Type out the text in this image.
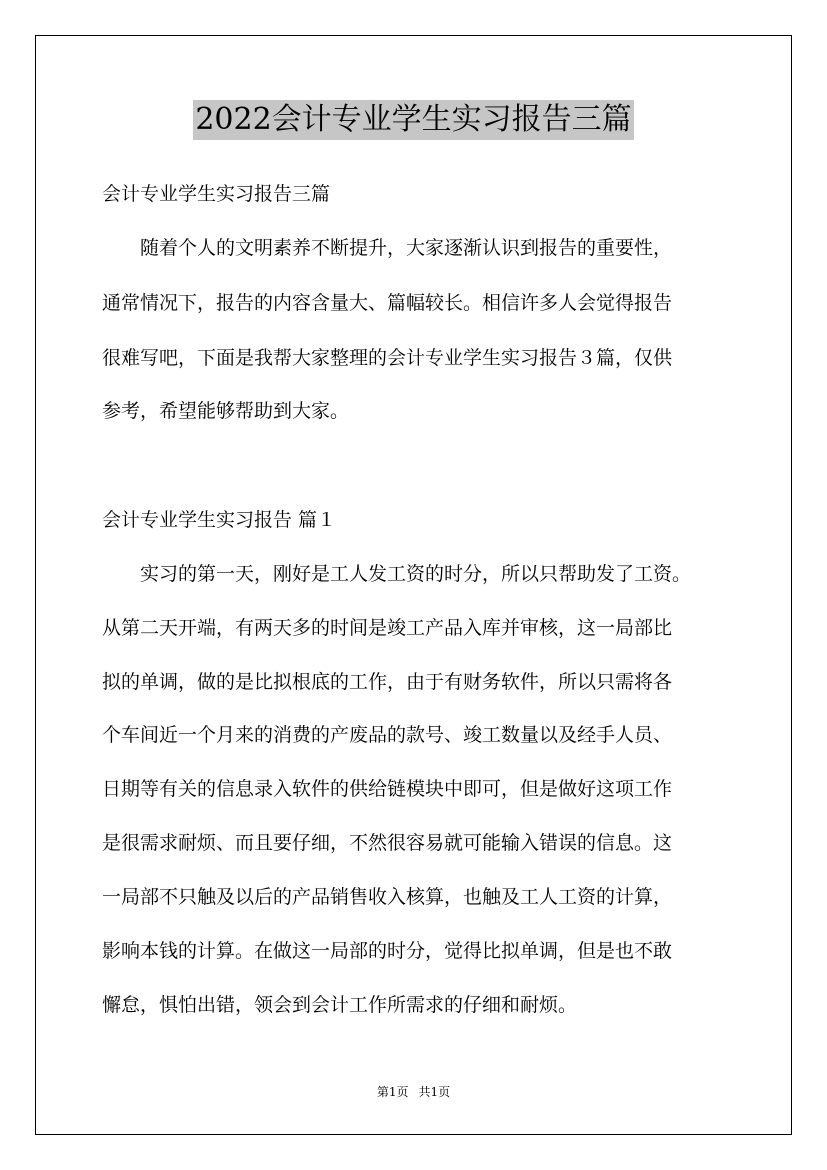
2022会计专业学生实习报告三篇
会计专业学生实习报告三篇
随着个人的文明素养不断提升，大家逐渐认识到报告的重要性，
通常情况下，报告的内容含量大、篇幅较长。相信许多人会觉得报告
很难写吧，下面是我帮大家整理的会计专业学生实习报告３篇，仅供
参考，希望能够帮助到大家。
会计专业学生实习报告 篇１
实习的第一天，刚好是工人发工资的时分，所以只帮助发了工资。
从第二天开端，有两天多的时间是竣工产品入库并审核，这一局部比
拟的单调，做的是比拟根底的工作，由于有财务软件，所以只需将各
个车间近一个月来的消费的产废品的款号、竣工数量以及经手人员、
日期等有关的信息录入软件的供给链模块中即可，但是做好这项工作
是很需求耐烦、而且要仔细，不然很容易就可能输入错误的信息。这
一局部不只触及以后的产品销售收入核算，也触及工人工资的计算，
影响本钱的计算。在做这一局部的时分，觉得比拟单调，但是也不敢
懈怠，惧怕出错，领会到会计工作所需求的仔细和耐烦。
第1页 共1页
